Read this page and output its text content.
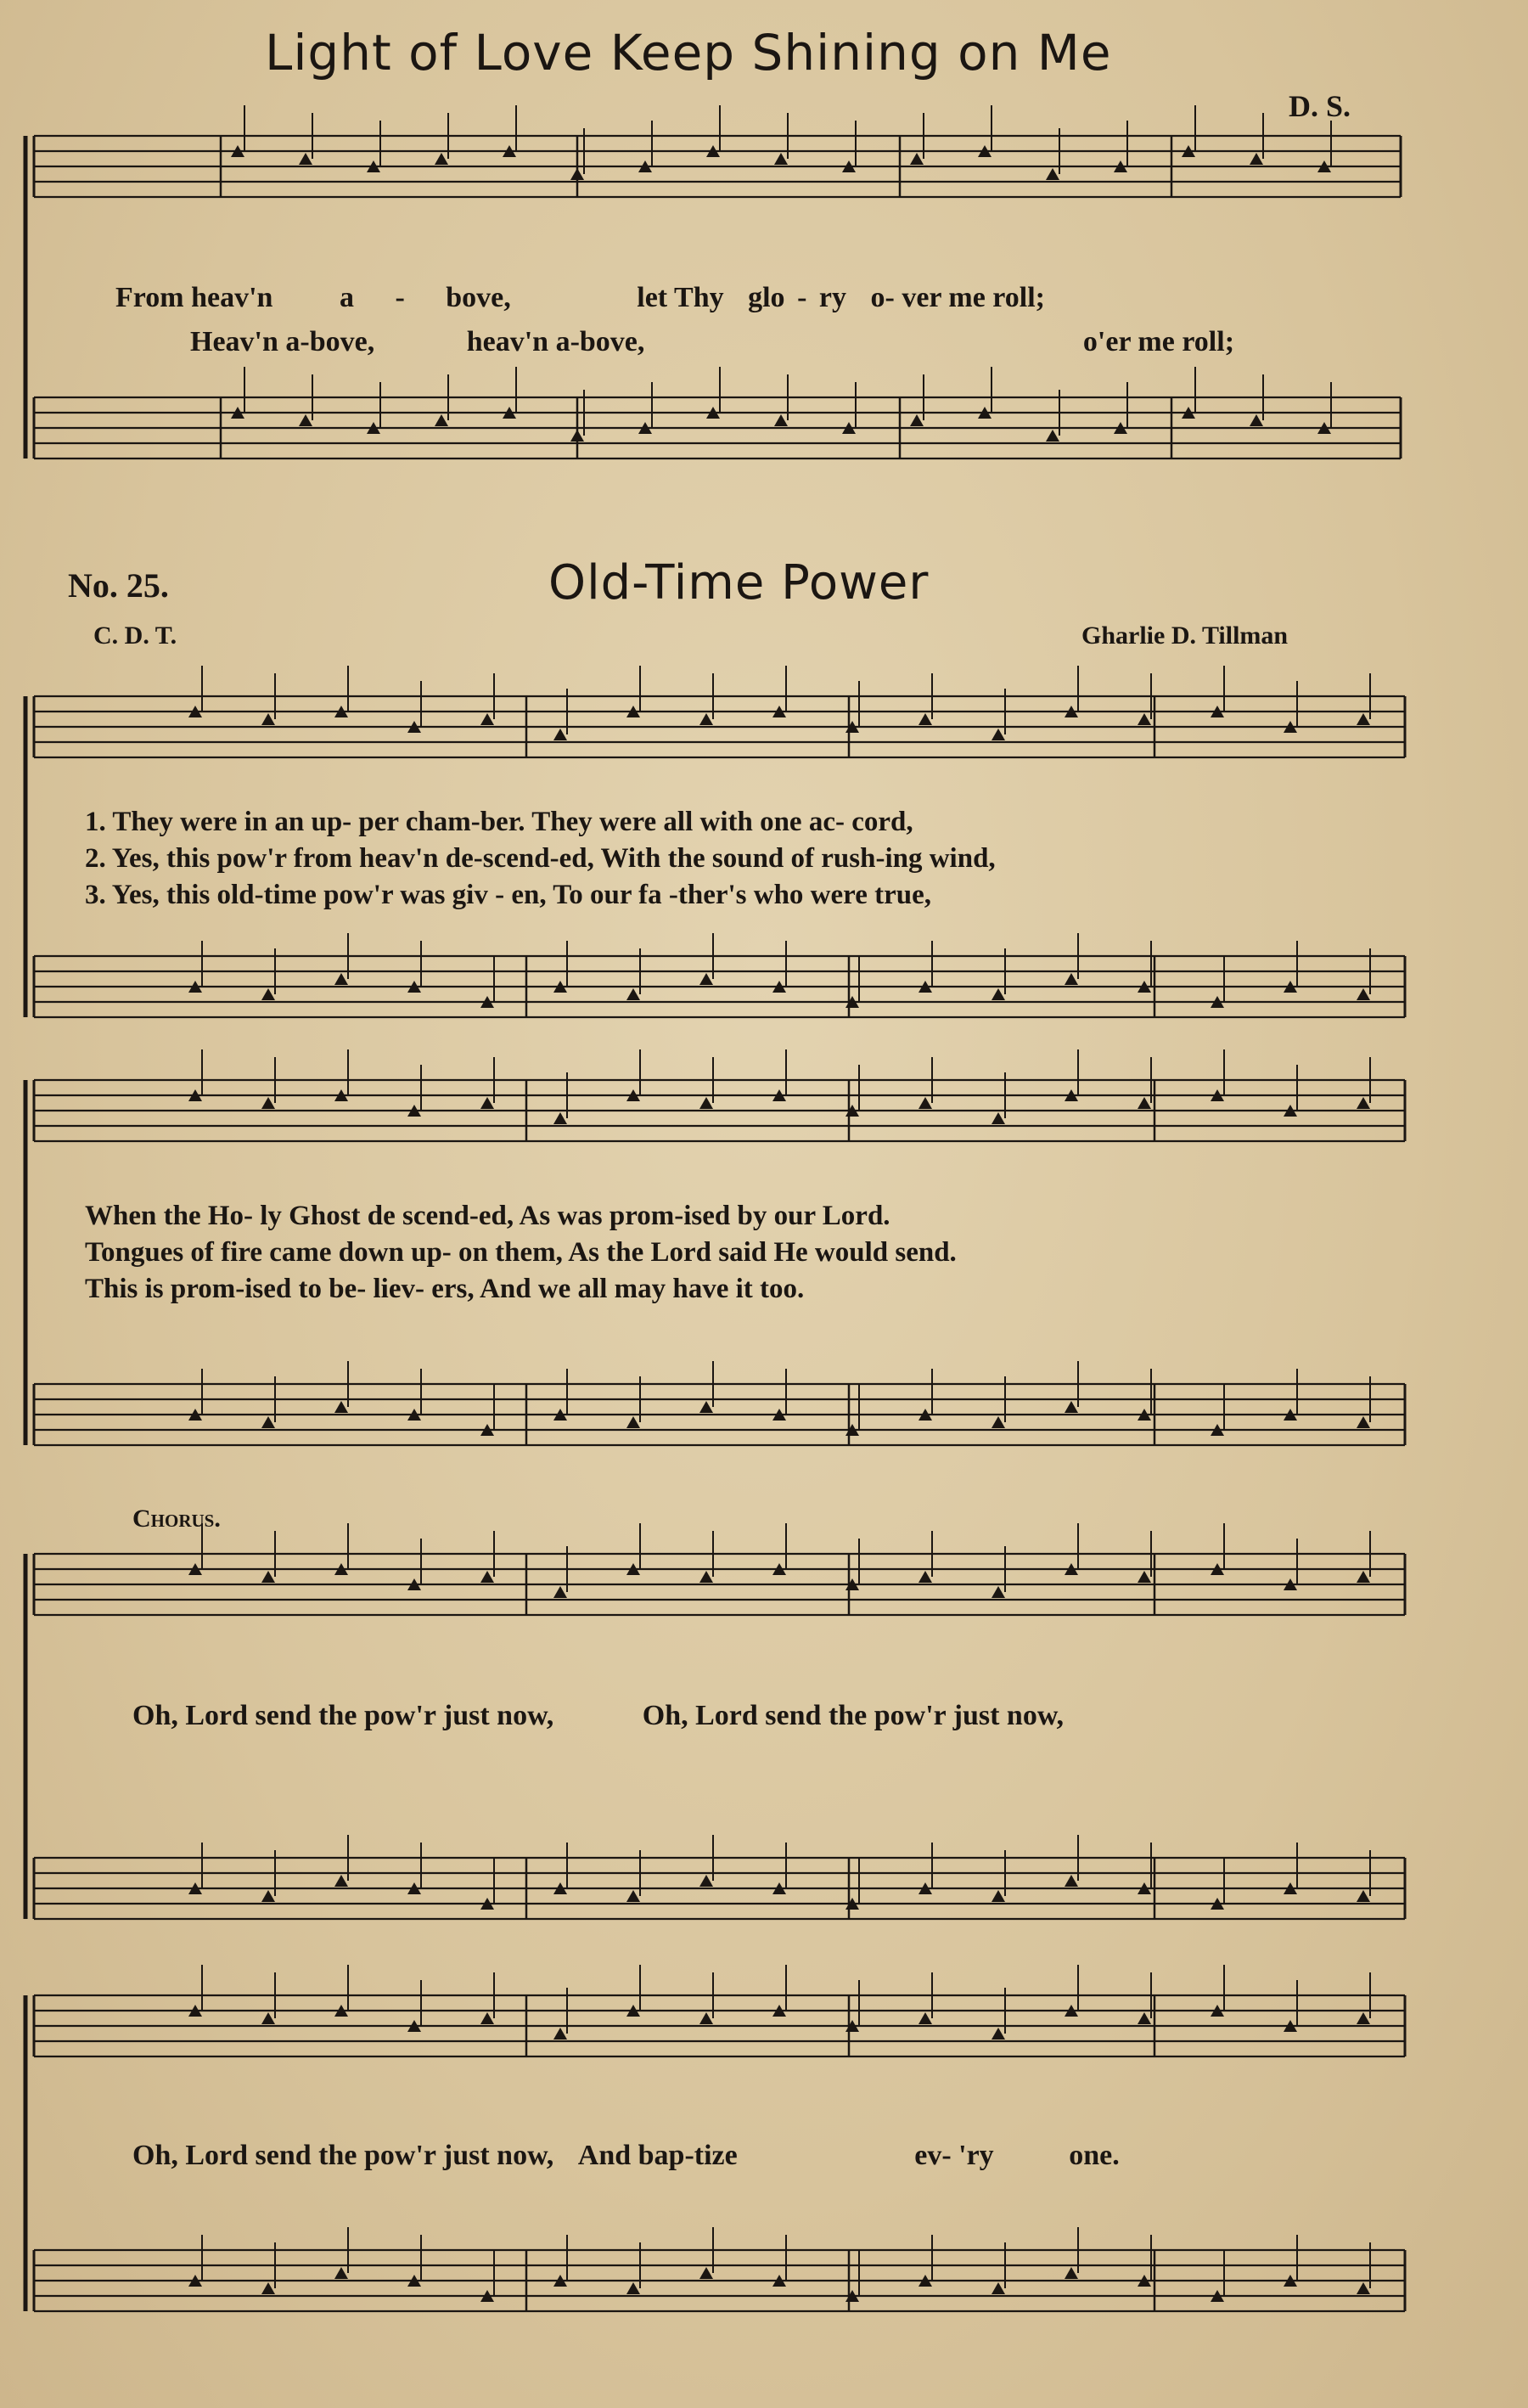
Light of Love Keep Shining on Me
D. S.
From heav'n a - bove,	let Thy glo - ry o- ver me roll;
Heav'n a-bove,	heav'n a-bove,	o'er me roll;
No. 25.	Old-Time Power
C. D. T.	Gharlie D. Tillman
1. They were in an up- per cham-ber. They were all with one ac- cord,
2. Yes, this pow'r from heav'n de-scend-ed, With the sound of rush-ing wind,
3. Yes, this old-time pow'r was giv - en, To our fa -ther's who were true,
When the Ho- ly Ghost de scend-ed, As was prom-ised by our Lord.
Tongues of fire came down up- on them, As the Lord said He would send.
This is prom-ised to be- liev- ers, And we all may have it too.
Chorus.
Oh, Lord send the pow'r just now,	Oh, Lord send the pow'r just now,
Oh, Lord send the pow'r just now, And bap-tize	ev- 'ry	one.
